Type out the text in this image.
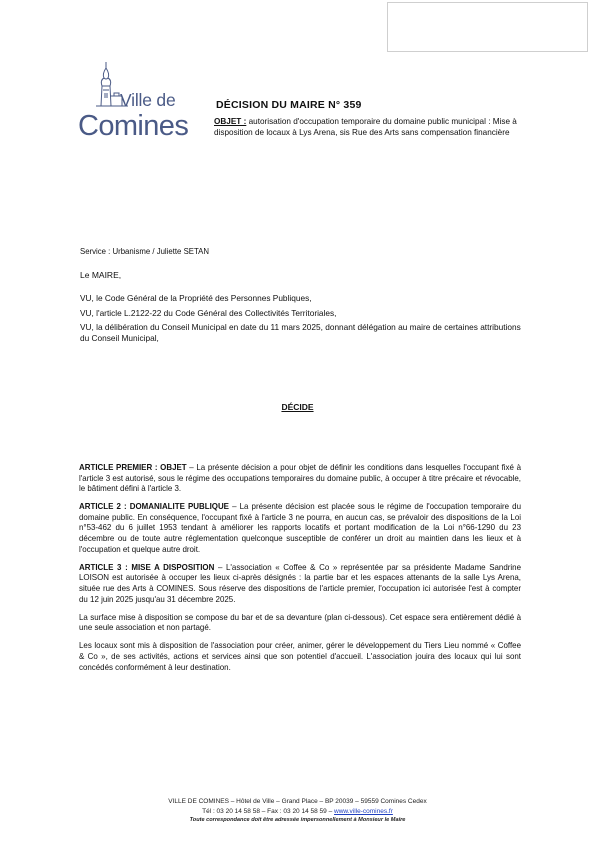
Ville de
Comines
DÉCISION DU MAIRE N° 359
OBJET : autorisation d'occupation temporaire du domaine public municipal : Mise à disposition de locaux à Lys Arena, sis Rue des Arts sans compensation financière
Service : Urbanisme / Juliette SETAN
Le MAIRE,

VU, le Code Général de la Propriété des Personnes Publiques,

VU, l'article L.2122-22 du Code Général des Collectivités Territoriales,

VU, la délibération du Conseil Municipal en date du 11 mars 2025, donnant délégation au maire de certaines attributions du Conseil Municipal,

DÉCIDE

ARTICLE PREMIER : OBJET – La présente décision a pour objet de définir les conditions dans lesquelles l'occupant fixé à l'article 3 est autorisé, sous le régime des occupations temporaires du domaine public, à occuper à titre précaire et révocable, le bâtiment défini à l'article 3.

ARTICLE 2 : DOMANIALITE PUBLIQUE – La présente décision est placée sous le régime de l'occupation temporaire du domaine public. En conséquence, l'occupant fixé à l'article 3 ne pourra, en aucun cas, se prévaloir des dispositions de la Loi n°53-462 du 6 juillet 1953 tendant à améliorer les rapports locatifs et portant modification de la Loi n°66-1290 du 23 décembre ou de toute autre réglementation quelconque susceptible de conférer un droit au maintien dans les lieux et à l'occupation et quelque autre droit.

ARTICLE 3 : MISE A DISPOSITION – L'association « Coffee & Co » représentée par sa présidente Madame Sandrine LOISON est autorisée à occuper les lieux ci-après désignés : la partie bar et les espaces attenants de la salle Lys Arena, située rue des Arts à COMINES. Sous réserve des dispositions de l'article premier, l'occupation ici autorisée l'est à compter du 12 juin 2025 jusqu'au 31 décembre 2025.

La surface mise à disposition se compose du bar et de sa devanture (plan ci-dessous). Cet espace sera entièrement dédié à une seule association et non partagé.

Les locaux sont mis à disposition de l'association pour créer, animer, gérer le développement du Tiers Lieu nommé « Coffee & Co », de ses activités, actions et services ainsi que son potentiel d'accueil. L'association jouira des locaux qui lui sont concédés conformément à leur destination.

VILLE DE COMINES – Hôtel de Ville – Grand Place – BP 20039 – 59559 Comines Cedex
Tél : 03 20 14 58 58 – Fax : 03 20 14 58 59 – www.ville-comines.fr
Toute correspondance doit être adressée impersonnellement à Monsieur le Maire
